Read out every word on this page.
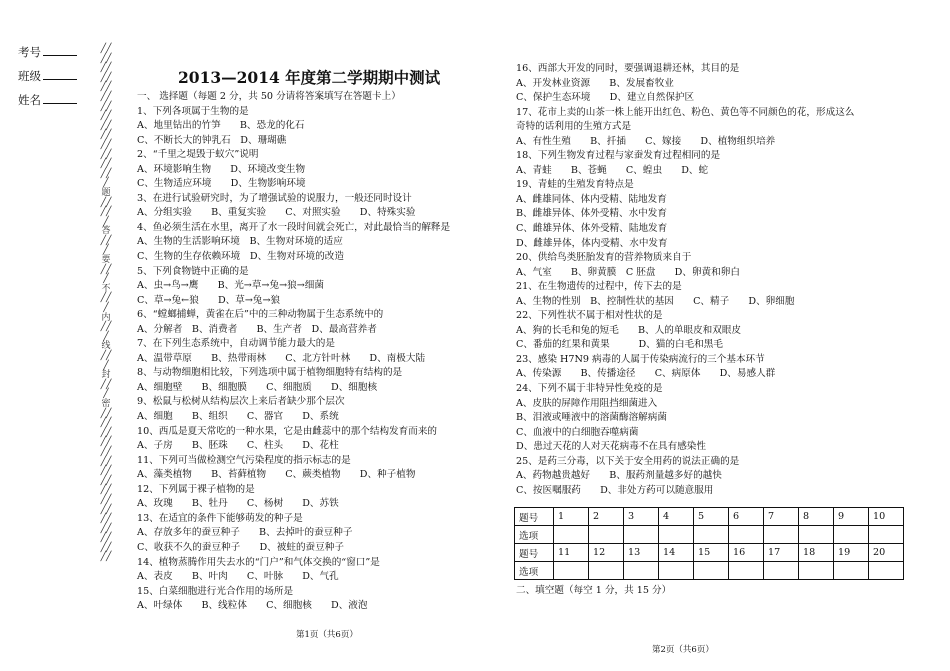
考号
班级
姓名
╱╱╱╱╱╱╱╱╱╱╱╱╱╱╱╱╱╱╱╱╱╱╱╱╱╱╱╱╱ 题 ╱╱╱╱╱ 答 ╱╱╱ 要 ╱╱╱ 不 ╱╱╱ 内 ╱╱╱ 线 ╱╱╱ 封 ╱╱╱ 密 ╱╱╱╱╱╱╱╱╱╱╱╱╱╱╱╱╱╱╱╱╱╱╱╱╱╱╱╱╱╱╱╱
2013—2014 年度第二学期期中测试
一、 选择题（每题 2 分，共 50 分请将答案填写在答题卡上）
1、下列各项属于生物的是
A、地里钻出的竹笋　　B、恐龙的化石
C、不断长大的钟乳石　D、珊瑚礁
2、“千里之堤毁于蚁穴”说明
A、环境影响生物　　D、环境改变生物
C、生物适应环境　　D、生物影响环境
3、在进行试验研究时，为了增强试验的说服力，一般还同时设计
A、分组实验　　B、重复实验　　C、对照实验　　D、特殊实验
4、鱼必须生活在水里，离开了水一段时间就会死亡，对此最恰当的解释是
A、生物的生活影响环境　B、生物对环境的适应
C、生物的生存依赖环境　D、生物对环境的改造
5、下列食物链中正确的是
A、虫→鸟→鹰　　B、光→草→兔→狼→细菌
C、草→兔←狼　　D、草→兔→狼
6、“螳螂捕蝉，黄雀在后”中的三种动物属于生态系统中的
A、分解者　B、消费者　　B、生产者　D、最高营养者
7、在下列生态系统中，自动调节能力最大的是
A、温带草原　　B、热带雨林　　C、北方针叶林　　D、南极大陆
8、与动物细胞相比较，下列选项中属于植物细胞特有结构的是
A、细胞壁　　B、细胞膜　　C、细胞质　　D、细胞核
9、松鼠与松树从结构层次上来后者缺少那个层次
A、细胞　　B、组织　　C、器官　　D、系统
10、西瓜是夏天常吃的一种水果，它是由雌蕊中的那个结构发育而来的
A、子房　　B、胚珠　　C、柱头　　D、花柱
11、下列可当做检测空气污染程度的指示标志的是
A、藻类植物　　B、苔藓植物　　C、蕨类植物　　D、种子植物
12、下列属于裸子植物的是
A、玫瑰　　B、牡丹　　C、杨树　　D、苏铁
13、在适宜的条件下能够萌发的种子是
A、存放多年的蚕豆种子　　B、去掉叶的蚕豆种子
C、收获不久的蚕豆种子　　D、被蛀的蚕豆种子
14、植物蒸腾作用失去水的“门户”和气体交换的“窗口”是
A、表皮　　B、叶肉　　C、叶脉　　D、气孔
15、白菜细胞进行光合作用的场所是
A、叶绿体　　B、线粒体　　C、细胞核　　D、液泡
16、西部大开发的同时，要强调退耕还林，其目的是
A、开发林业资源　　B、发展畜牧业
C、保护生态环境　　D、建立自然保护区
17、花市上卖的山茶一株上能开出红色、粉色、黄色等不同颜色的花，形成这么
奇特的话利用的生殖方式是
A、有性生殖　　B、扦插　　C、嫁接　　D、植物组织培养
18、下列生物发育过程与家蚕发育过程相同的是
A、青蛙　　B、苍蝇　　C、蝗虫　　D、蛇
19、青蛙的生殖发育特点是
A、雌雄同体、体内受精、陆地发育
B、雌雄异体、体外受精、水中发育
C、雌雄异体、体外受精、陆地发育
D、雌雄异体，体内受精、水中发育
20、供给鸟类胚胎发育的营养物质来自于
A、气室　　B、卵黄膜　C 胚盘　　D、卵黄和卵白
21、在生物遗传的过程中，传下去的是
A、生物的性别　B、控制性状的基因　　C、精子　　D、卵细胞
22、下列性状不属于相对性状的是
A、狗的长毛和兔的短毛　　B、人的单眼皮和双眼皮
C、番茄的红果和黄果　　　D、猫的白毛和黑毛
23、感染 H7N9 病毒的人属于传染病流行的三个基本环节
A、传染源　　B、传播途径　　C、病原体　　D、易感人群
24、下列不属于非特异性免疫的是
A、皮肤的屏障作用阻挡细菌进入
B、泪液或唾液中的溶菌酶溶解病菌
C、血液中的白细胞吞噬病菌
D、患过天花的人对天花病毒不在具有感染性
25、是药三分毒，以下关于安全用药的说法正确的是
A、药物越贵越好　　B、服药剂量越多好的越快
C、按医嘱服药　　D、非处方药可以随意服用
题号	1	2	3	4	5	6	7	8	9	10
选项										
题号	11	12	13	14	15	16	17	18	19	20
选项										
二、填空题（每空 1 分，共 15 分）
第1页（共6页）
第2页（共6页）
